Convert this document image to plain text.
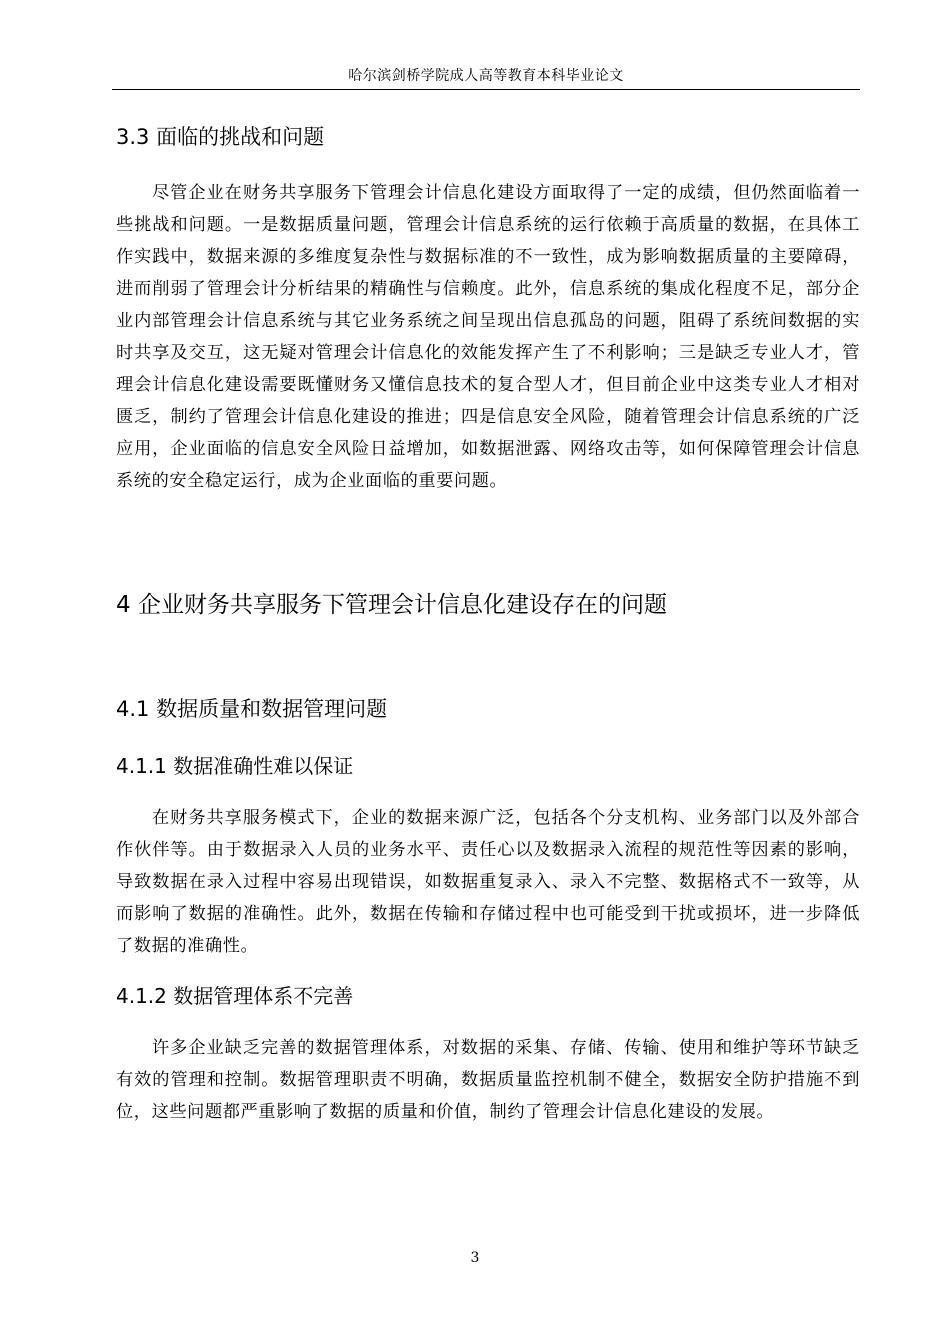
哈尔滨剑桥学院成人高等教育本科毕业论文
3.3 面临的挑战和问题

尽管企业在财务共享服务下管理会计信息化建设方面取得了一定的成绩，但仍然面临着一些挑战和问题。一是数据质量问题，管理会计信息系统的运行依赖于高质量的数据，在具体工作实践中，数据来源的多维度复杂性与数据标准的不一致性，成为影响数据质量的主要障碍，进而削弱了管理会计分析结果的精确性与信赖度。此外，信息系统的集成化程度不足，部分企业内部管理会计信息系统与其它业务系统之间呈现出信息孤岛的问题，阻碍了系统间数据的实时共享及交互，这无疑对管理会计信息化的效能发挥产生了不利影响；三是缺乏专业人才，管理会计信息化建设需要既懂财务又懂信息技术的复合型人才，但目前企业中这类专业人才相对匮乏，制约了管理会计信息化建设的推进；四是信息安全风险，随着管理会计信息系统的广泛应用，企业面临的信息安全风险日益增加，如数据泄露、网络攻击等，如何保障管理会计信息系统的安全稳定运行，成为企业面临的重要问题。

4 企业财务共享服务下管理会计信息化建设存在的问题
4.1 数据质量和数据管理问题
4.1.1 数据准确性难以保证

在财务共享服务模式下，企业的数据来源广泛，包括各个分支机构、业务部门以及外部合作伙伴等。由于数据录入人员的业务水平、责任心以及数据录入流程的规范性等因素的影响，导致数据在录入过程中容易出现错误，如数据重复录入、录入不完整、数据格式不一致等，从而影响了数据的准确性。此外，数据在传输和存储过程中也可能受到干扰或损坏，进一步降低了数据的准确性。

4.1.2 数据管理体系不完善

许多企业缺乏完善的数据管理体系，对数据的采集、存储、传输、使用和维护等环节缺乏有效的管理和控制。数据管理职责不明确，数据质量监控机制不健全，数据安全防护措施不到位，这些问题都严重影响了数据的质量和价值，制约了管理会计信息化建设的发展。

3
